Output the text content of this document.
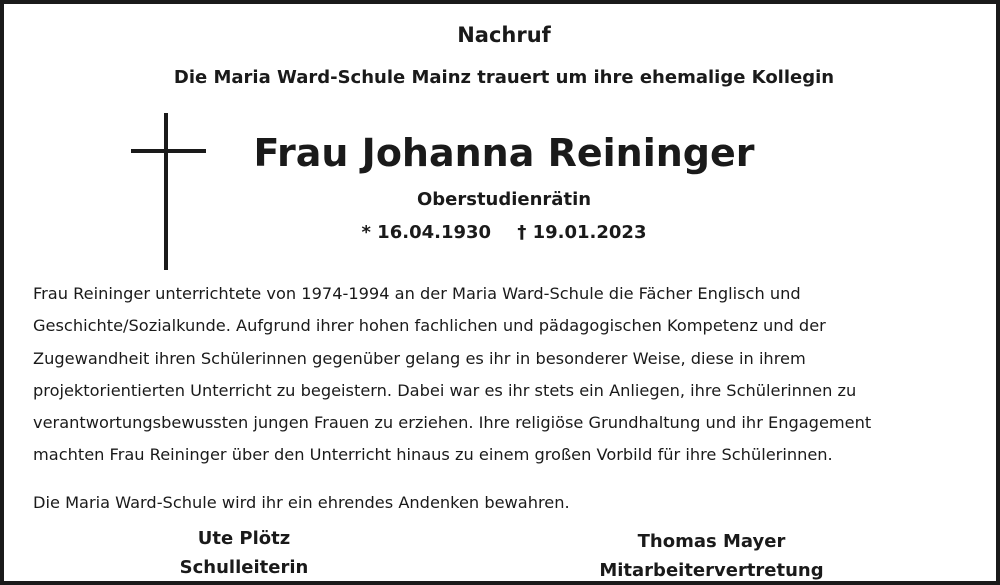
Nachruf
Die Maria Ward-Schule Mainz trauert um ihre ehemalige Kollegin
Frau Johanna Reininger
Oberstudienrätin
* 16.04.1930 † 19.01.2023
Frau Reininger unterrichtete von 1974-1994 an der Maria Ward-Schule die Fächer Englisch und
Geschichte/Sozialkunde. Aufgrund ihrer hohen fachlichen und pädagogischen Kompetenz und der
Zugewandheit ihren Schülerinnen gegenüber gelang es ihr in besonderer Weise, diese in ihrem
projektorientierten Unterricht zu begeistern. Dabei war es ihr stets ein Anliegen, ihre Schülerinnen zu
verantwortungsbewussten jungen Frauen zu erziehen. Ihre religiöse Grundhaltung und ihr Engagement
machten Frau Reininger über den Unterricht hinaus zu einem großen Vorbild für ihre Schülerinnen.
Die Maria Ward-Schule wird ihr ein ehrendes Andenken bewahren.
Ute Plötz
Schulleiterin
Thomas Mayer
Mitarbeitervertretung
